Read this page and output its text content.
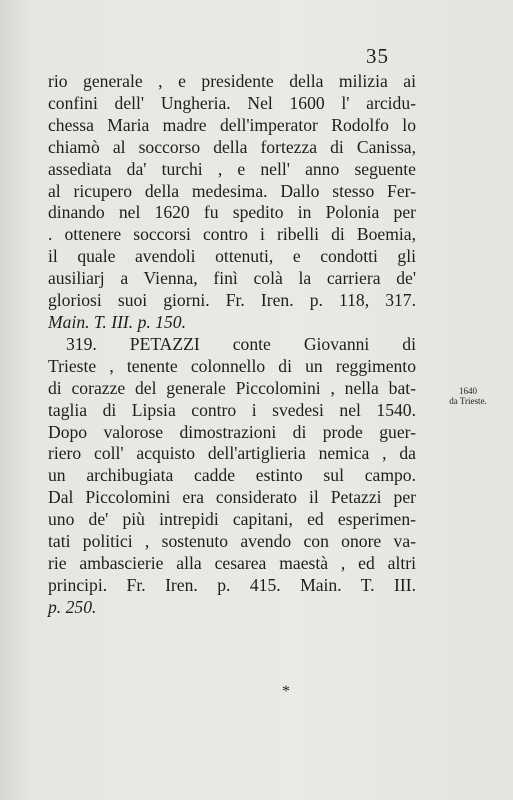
35
rio generale , e presidente della milizia ai
confini dell' Ungheria. Nel 1600 l' arcidu-
chessa Maria madre dell'imperator Rodolfo lo
chiamò al soccorso della fortezza di Canissa,
assediata da' turchi , e nell' anno seguente
al ricupero della medesima. Dallo stesso Fer-
dinando nel 1620 fu spedito in Polonia per
. ottenere soccorsi contro i ribelli di Boemia,
il quale avendoli ottenuti, e condotti gli
ausiliarj a Vienna, finì colà la carriera de'
gloriosi suoi giorni. Fr. Iren. p. 118, 317.
Main. T. III. p. 150.
319. PETAZZI conte Giovanni di
Trieste , tenente colonnello di un reggimento
di corazze del generale Piccolomini , nella bat-
taglia di Lipsia contro i svedesi nel 1540.
Dopo valorose dimostrazioni di prode guer-
riero coll' acquisto dell'artiglieria nemica , da
un archibugiata cadde estinto sul campo.
Dal Piccolomini era considerato il Petazzi per
uno de' più intrepidi capitani, ed esperimen-
tati politici , sostenuto avendo con onore va-
rie ambascierie alla cesarea maestà , ed altri
principi. Fr. Iren. p. 415. Main. T. III.
p. 250.
1640
da Trieste.
*
